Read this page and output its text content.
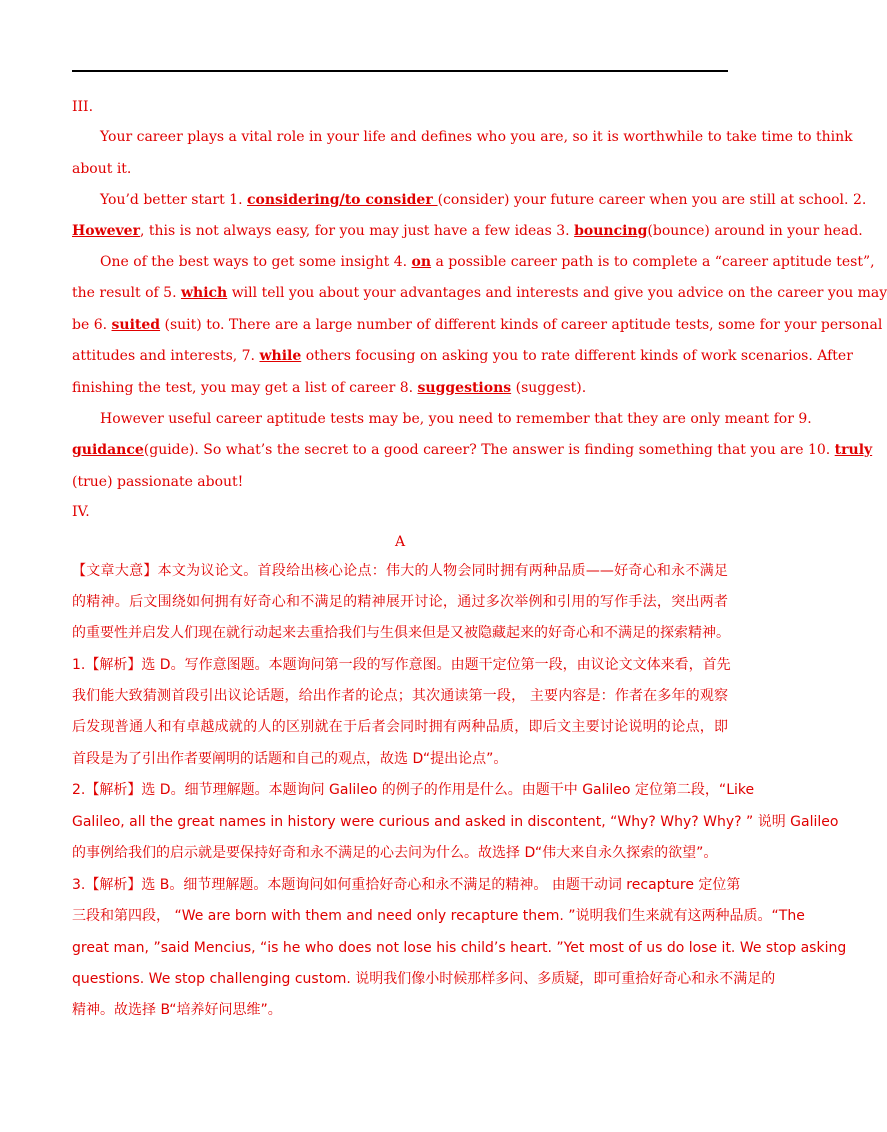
III.
Your career plays a vital role in your life and defines who you are, so it is worthwhile to take time to think
about it.
You’d better start 1. considering/to consider (consider) your future career when you are still at school. 2.
However, this is not always easy, for you may just have a few ideas 3. bouncing(bounce) around in your head.
One of the best ways to get some insight 4. on a possible career path is to complete a “career aptitude test”,
the result of 5. which will tell you about your advantages and interests and give you advice on the career you may
be 6. suited (suit) to. There are a large number of different kinds of career aptitude tests, some for your personal
attitudes and interests, 7. while others focusing on asking you to rate different kinds of work scenarios. After
finishing the test, you may get a list of career 8. suggestions (suggest).
However useful career aptitude tests may be, you need to remember that they are only meant for 9.
guidance(guide). So what’s the secret to a good career? The answer is finding something that you are 10. truly
(true) passionate about!
IV.
A
【文章大意】本文为议论文。首段给出核心论点：伟大的人物会同时拥有两种品质——好奇心和永不满足
的精神。后文围绕如何拥有好奇心和不满足的精神展开讨论，通过多次举例和引用的写作手法，突出两者
的重要性并启发人们现在就行动起来去重拾我们与生俱来但是又被隐藏起来的好奇心和不满足的探索精神。
1.【解析】选 D。写作意图题。本题询问第一段的写作意图。由题干定位第一段，由议论文文体来看，首先
我们能大致猜测首段引出议论话题，给出作者的论点；其次通读第一段， 主要内容是：作者在多年的观察
后发现普通人和有卓越成就的人的区别就在于后者会同时拥有两种品质，即后文主要讨论说明的论点，即
首段是为了引出作者要阐明的话题和自己的观点，故选 D“提出论点”。
2.【解析】选 D。细节理解题。本题询问 Galileo 的例子的作用是什么。由题干中 Galileo 定位第二段，“Like
Galileo, all the great names in history were curious and asked in discontent, “Why? Why? Why? ” 说明 Galileo
的事例给我们的启示就是要保持好奇和永不满足的心去问为什么。故选择 D“伟大来自永久探索的欲望”。
3.【解析】选 B。细节理解题。本题询问如何重拾好奇心和永不满足的精神。 由题干动词 recapture 定位第
三段和第四段， “We are born with them and need only recapture them. ”说明我们生来就有这两种品质。“The
great man, ”said Mencius, “is he who does not lose his child’s heart. ”Yet most of us do lose it. We stop asking
questions. We stop challenging custom. 说明我们像小时候那样多问、多质疑，即可重拾好奇心和永不满足的
精神。故选择 B“培养好问思维”。
